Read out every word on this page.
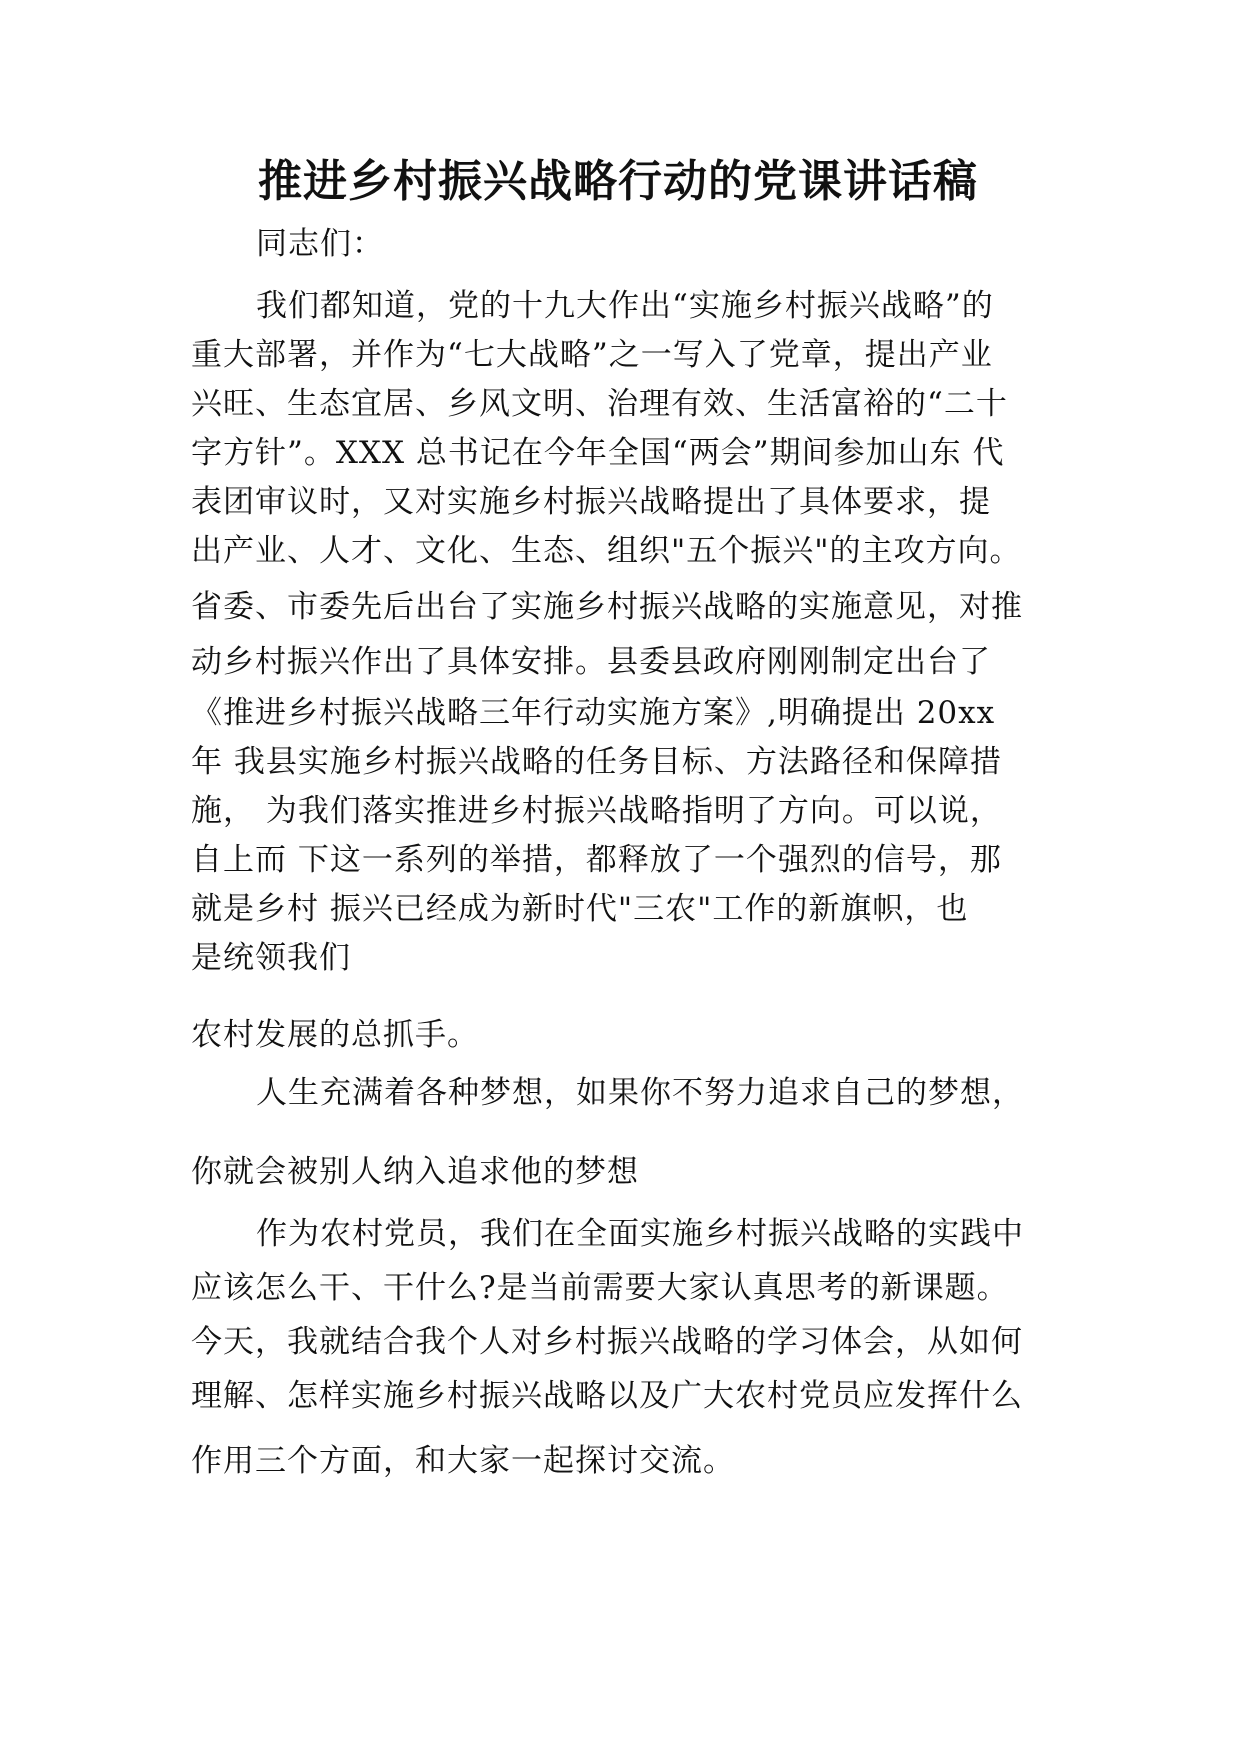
推进乡村振兴战略行动的党课讲话稿

同志们：

我们都知道，党的十九大作出“实施乡村振兴战略”的

重大部署，并作为“七大战略”之一写入了党章，提出产业

兴旺、生态宜居、乡风文明、治理有效、生活富裕的“二十

字方针”。XXX 总书记在今年全国“两会”期间参加山东 代

表团审议时，又对实施乡村振兴战略提出了具体要求，提

出产业、人才、文化、生态、组织"五个振兴"的主攻方向。

省委、市委先后出台了实施乡村振兴战略的实施意见，对推

动乡村振兴作出了具体安排。县委县政府刚刚制定出台了

《推进乡村振兴战略三年行动实施方案》,明确提出 20xx

年 我县实施乡村振兴战略的任务目标、方法路径和保障措

施， 为我们落实推进乡村振兴战略指明了方向。可以说，

自上而 下这一系列的举措，都释放了一个强烈的信号，那

就是乡村 振兴已经成为新时代"三农"工作的新旗帜，也

是统领我们

农村发展的总抓手。

人生充满着各种梦想，如果你不努力追求自己的梦想，

你就会被别人纳入追求他的梦想

作为农村党员，我们在全面实施乡村振兴战略的实践中

应该怎么干、干什么?是当前需要大家认真思考的新课题。

今天，我就结合我个人对乡村振兴战略的学习体会，从如何

理解、怎样实施乡村振兴战略以及广大农村党员应发挥什么

作用三个方面，和大家一起探讨交流。
